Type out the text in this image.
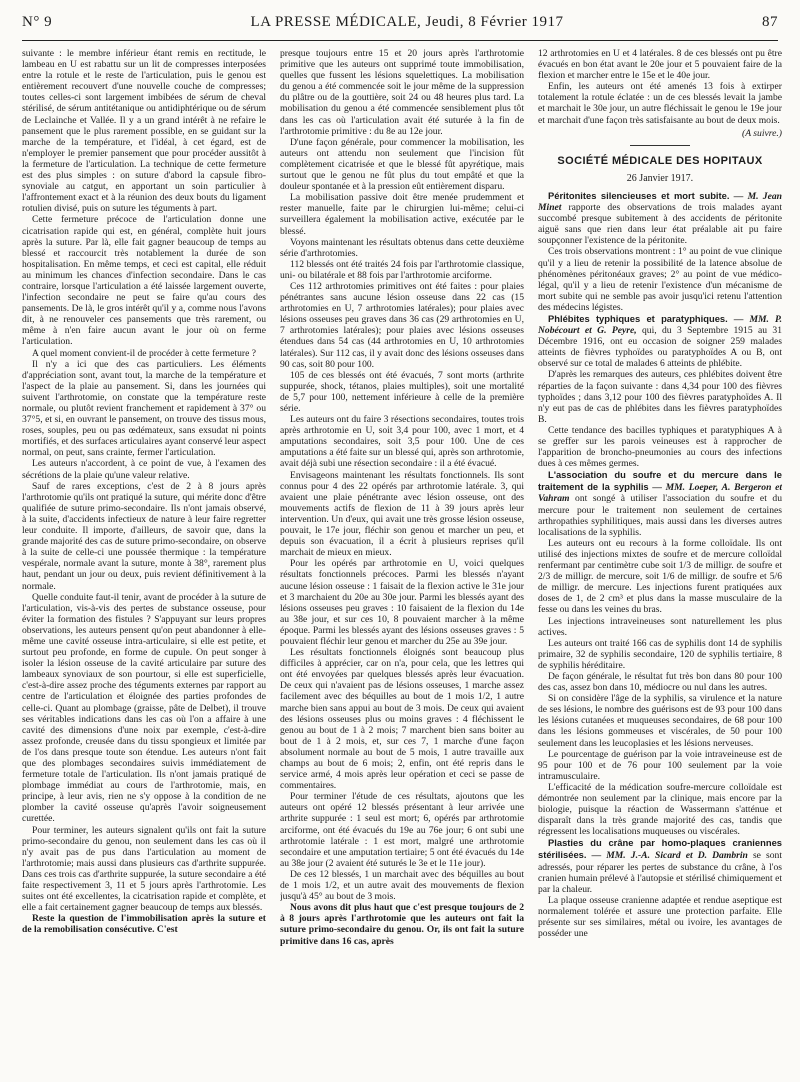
N° 9	LA PRESSE MÉDICALE, Jeudi, 8 Février 1917	87

suivante : le membre inférieur étant remis en rectitude, le lambeau en U est rabattu sur un lit de compresses interposées entre la rotule et le reste de l'articulation, puis le genou est entièrement recouvert d'une nouvelle couche de compresses; toutes celles-ci sont largement imbibées de sérum de cheval stérilisé, de sérum antitétanique ou antidiphtérique ou de sérum de Leclainche et Vallée. Il y a un grand intérêt à ne refaire le pansement que le plus rarement possible, en se guidant sur la marche de la température, et l'idéal, à cet égard, est de n'employer le premier pansement que pour procéder aussitôt à la fermeture de l'articulation. La technique de cette fermeture est des plus simples : on suture d'abord la capsule fibro-synoviale au catgut, en apportant un soin particulier à l'affrontement exact et à la réunion des deux bouts du ligament rotulien divisé, puis on suture les téguments à part.

Cette fermeture précoce de l'articulation donne une cicatrisation rapide qui est, en général, complète huit jours après la suture. Par là, elle fait gagner beaucoup de temps au blessé et raccourcit très notablement la durée de son hospitalisation. En même temps, et ceci est capital, elle réduit au minimum les chances d'infection secondaire. Dans le cas contraire, lorsque l'articulation a été laissée largement ouverte, l'infection secondaire ne peut se faire qu'au cours des pansements. De là, le gros intérêt qu'il y a, comme nous l'avons dit, à ne renouveler ces pansements que très rarement, ou même à n'en faire aucun avant le jour où on ferme l'articulation.

A quel moment convient-il de procéder à cette fermeture ?

Il n'y a ici que des cas particuliers. Les éléments d'appréciation sont, avant tout, la marche de la température et l'aspect de la plaie au pansement. Si, dans les journées qui suivent l'arthrotomie, on constate que la température reste normale, ou plutôt revient franchement et rapidement à 37° ou 37°5, et si, en ouvrant le pansement, on trouve des tissus mous, roses, souples, peu ou pas œdémateux, sans exsudat ni points mortifiés, et des surfaces articulaires ayant conservé leur aspect normal, on peut, sans crainte, fermer l'articulation.

Les auteurs n'accordent, à ce point de vue, à l'examen des sécrétions de la plaie qu'une valeur relative.

Sauf de rares exceptions, c'est de 2 à 8 jours après l'arthrotomie qu'ils ont pratiqué la suture, qui mérite donc d'être qualifiée de suture primo-secondaire. Ils n'ont jamais observé, à la suite, d'accidents infectieux de nature à leur faire regretter leur conduite. Il importe, d'ailleurs, de savoir que, dans la grande majorité des cas de suture primo-secondaire, on observe à la suite de celle-ci une poussée thermique : la température vespérale, normale avant la suture, monte à 38°, rarement plus haut, pendant un jour ou deux, puis revient définitivement à la normale.

Quelle conduite faut-il tenir, avant de procéder à la suture de l'articulation, vis-à-vis des pertes de substance osseuse, pour éviter la formation des fistules ? S'appuyant sur leurs propres observations, les auteurs pensent qu'on peut abandonner à elle-même une cavité osseuse intra-articulaire, si elle est petite, et surtout peu profonde, en forme de cupule. On peut songer à isoler la lésion osseuse de la cavité articulaire par suture des lambeaux synoviaux de son pourtour, si elle est superficielle, c'est-à-dire assez proche des téguments externes par rapport au centre de l'articulation et éloignée des parties profondes de celle-ci. Quant au plombage (graisse, pâte de Delbet), il trouve ses véritables indications dans les cas où l'on a affaire à une cavité des dimensions d'une noix par exemple, c'est-à-dire assez profonde, creusée dans du tissu spongieux et limitée par de l'os dans presque toute son étendue. Les auteurs n'ont fait que des plombages secondaires suivis immédiatement de fermeture totale de l'articulation. Ils n'ont jamais pratiqué de plombage immédiat au cours de l'arthrotomie, mais, en principe, à leur avis, rien ne s'y oppose à la condition de ne plomber la cavité osseuse qu'après l'avoir soigneusement curettée.

Pour terminer, les auteurs signalent qu'ils ont fait la suture primo-secondaire du genou, non seulement dans les cas où il n'y avait pas de pus dans l'articulation au moment de l'arthrotomie; mais aussi dans plusieurs cas d'arthrite suppurée. Dans ces trois cas d'arthrite suppurée, la suture secondaire a été faite respectivement 3, 11 et 5 jours après l'arthrotomie. Les suites ont été excellentes, la cicatrisation rapide et complète, et elle a fait certainement gagner beaucoup de temps aux blessés.

Reste la question de l'immobilisation après la suture et de la remobilisation consécutive. C'est

presque toujours entre 15 et 20 jours après l'arthrotomie primitive que les auteurs ont supprimé toute immobilisation, quelles que fussent les lésions squelettiques. La mobilisation du genou a été commencée soit le jour même de la suppression du plâtre ou de la gouttière, soit 24 ou 48 heures plus tard. La mobilisation du genou a été commencée sensiblement plus tôt dans les cas où l'articulation avait été suturée à la fin de l'arthrotomie primitive : du 8e au 12e jour.

D'une façon générale, pour commencer la mobilisation, les auteurs ont attendu non seulement que l'incision fût complètement cicatrisée et que le blessé fût apyrétique, mais surtout que le genou ne fût plus du tout empâté et que la douleur spontanée et à la pression eût entièrement disparu.

La mobilisation passive doit être menée prudemment et rester manuelle, faite par le chirurgien lui-même; celui-ci surveillera également la mobilisation active, exécutée par le blessé.

Voyons maintenant les résultats obtenus dans cette deuxième série d'arthrotomies.

112 blessés ont été traités 24 fois par l'arthrotomie classique, uni- ou bilatérale et 88 fois par l'arthrotomie arciforme.

Ces 112 arthrotomies primitives ont été faites : pour plaies pénétrantes sans aucune lésion osseuse dans 22 cas (15 arthrotomies en U, 7 arthrotomies latérales); pour plaies avec lésions osseuses peu graves dans 36 cas (29 arthrotomies en U, 7 arthrotomies latérales); pour plaies avec lésions osseuses étendues dans 54 cas (44 arthrotomies en U, 10 arthrotomies latérales). Sur 112 cas, il y avait donc des lésions osseuses dans 90 cas, soit 80 pour 100.

105 de ces blessés ont été évacués, 7 sont morts (arthrite suppurée, shock, tétanos, plaies multiples), soit une mortalité de 5,7 pour 100, nettement inférieure à celle de la première série.

Les auteurs ont du faire 3 résections secondaires, toutes trois après arthrotomie en U, soit 3,4 pour 100, avec 1 mort, et 4 amputations secondaires, soit 3,5 pour 100. Une de ces amputations a été faite sur un blessé qui, après son arthrotomie, avait déjà subi une résection secondaire : il a été évacué.

Envisageons maintenant les résultats fonctionnels. Ils sont connus pour 4 des 22 opérés par arthrotomie latérale. 3, qui avaient une plaie pénétrante avec lésion osseuse, ont des mouvements actifs de flexion de 11 à 39 jours après leur intervention. Un d'eux, qui avait une très grosse lésion osseuse, pouvait, le 17e jour, fléchir son genou et marcher un peu, et depuis son évacuation, il a écrit à plusieurs reprises qu'il marchait de mieux en mieux.

Pour les opérés par arthrotomie en U, voici quelques résultats fonctionnels précoces. Parmi les blessés n'ayant aucune lésion osseuse : 1 faisait de la flexion active le 31e jour et 3 marchaient du 20e au 30e jour. Parmi les blessés ayant des lésions osseuses peu graves : 10 faisaient de la flexion du 14e au 38e jour, et sur ces 10, 8 pouvaient marcher à la même époque. Parmi les blessés ayant des lésions osseuses graves : 5 pouvaient fléchir leur genou et marcher du 25e au 39e jour.

Les résultats fonctionnels éloignés sont beaucoup plus difficiles à apprécier, car on n'a, pour cela, que les lettres qui ont été envoyées par quelques blessés après leur évacuation. De ceux qui n'avaient pas de lésions osseuses, 1 marche assez facilement avec des béquilles au bout de 1 mois 1/2, 1 autre marche bien sans appui au bout de 3 mois. De ceux qui avaient des lésions osseuses plus ou moins graves : 4 fléchissent le genou au bout de 1 à 2 mois; 7 marchent bien sans boiter au bout de 1 à 2 mois, et, sur ces 7, 1 marche d'une façon absolument normale au bout de 5 mois, 1 autre travaille aux champs au bout de 6 mois; 2, enfin, ont été repris dans le service armé, 4 mois après leur opération et ceci se passe de commentaires.

Pour terminer l'étude de ces résultats, ajoutons que les auteurs ont opéré 12 blessés présentant à leur arrivée une arthrite suppurée : 1 seul est mort; 6, opérés par arthrotomie arciforme, ont été évacués du 19e au 76e jour; 6 ont subi une arthrotomie latérale : 1 est mort, malgré une arthrotomie secondaire et une amputation tertiaire; 5 ont été évacués du 14e au 38e jour (2 avaient été suturés le 3e et le 11e jour).

De ces 12 blessés, 1 un marchait avec des béquilles au bout de 1 mois 1/2, et un autre avait des mouvements de flexion jusqu'à 45° au bout de 3 mois.

Nous avons dit plus haut que c'est presque toujours de 2 à 8 jours après l'arthrotomie que les auteurs ont fait la suture primo-secondaire du genou. Or, ils ont fait la suture primitive dans 16 cas, après

12 arthrotomies en U et 4 latérales. 8 de ces blessés ont pu être évacués en bon état avant le 20e jour et 5 pouvaient faire de la flexion et marcher entre le 15e et le 40e jour.

Enfin, les auteurs ont été amenés 13 fois à extirper totalement la rotule éclatée : un de ces blessés levait la jambe et marchait le 30e jour, un autre fléchissait le genou le 19e jour et marchait d'une façon très satisfaisante au bout de deux mois.

(A suivre.)
SOCIÉTÉ MÉDICALE DES HOPITAUX
26 Janvier 1917.

Péritonites silencieuses et mort subite. — M. Jean Minet rapporte des observations de trois malades ayant succombé presque subitement à des accidents de péritonite aiguë sans que rien dans leur état préalable ait pu faire soupçonner l'existence de la péritonite.

Ces trois observations montrent : 1° au point de vue clinique qu'il y a lieu de retenir la possibilité de la latence absolue de phénomènes péritonéaux graves; 2° au point de vue médico-légal, qu'il y a lieu de retenir l'existence d'un mécanisme de mort subite qui ne semble pas avoir jusqu'ici retenu l'attention des médecins légistes.

Phlébites typhiques et paratyphiques. — MM. P. Nobécourt et G. Peyre, qui, du 3 Septembre 1915 au 31 Décembre 1916, ont eu occasion de soigner 259 malades atteints de fièvres typhoïdes ou paratyphoïdes A ou B, ont observé sur ce total de malades 6 atteints de phlébite.

D'après les remarques des auteurs, ces phlébites doivent être réparties de la façon suivante : dans 4,34 pour 100 des fièvres typhoïdes ; dans 3,12 pour 100 des fièvres paratyphoïdes A. Il n'y eut pas de cas de phlébites dans les fièvres paratyphoïdes B.

Cette tendance des bacilles typhiques et paratyphiques A à se greffer sur les parois veineuses est à rapprocher de l'apparition de broncho-pneumonies au cours des infections dues à ces mêmes germes.

L'association du soufre et du mercure dans le traitement de la syphilis — MM. Loeper, A. Bergeron et Vahram ont songé à utiliser l'association du soufre et du mercure pour le traitement non seulement de certaines arthropathies syphilitiques, mais aussi dans les diverses autres localisations de la syphilis.

Les auteurs ont eu recours à la forme colloïdale. Ils ont utilisé des injections mixtes de soufre et de mercure colloïdal renfermant par centimètre cube soit 1/3 de milligr. de soufre et 2/3 de milligr. de mercure, soit 1/6 de milligr. de soufre et 5/6 de milligr. de mercure. Les injections furent pratiquées aux doses de 1, de 2 cm³ et plus dans la masse musculaire de la fesse ou dans les veines du bras.

Les injections intraveineuses sont naturellement les plus actives.

Les auteurs ont traité 166 cas de syphilis dont 14 de syphilis primaire, 32 de syphilis secondaire, 120 de syphilis tertiaire, 8 de syphilis héréditaire.

De façon générale, le résultat fut très bon dans 80 pour 100 des cas, assez bon dans 10, médiocre ou nul dans les autres.

Si on considère l'âge de la syphilis, sa virulence et la nature de ses lésions, le nombre des guérisons est de 93 pour 100 dans les lésions cutanées et muqueuses secondaires, de 68 pour 100 dans les lésions gommeuses et viscérales, de 50 pour 100 seulement dans les leucoplasies et les lésions nerveuses.

Le pourcentage de guérison par la voie intraveineuse est de 95 pour 100 et de 76 pour 100 seulement par la voie intramusculaire.

L'efficacité de la médication soufre-mercure colloïdale est démontrée non seulement par la clinique, mais encore par la biologie, puisque la réaction de Wassermann s'atténue et disparaît dans la très grande majorité des cas, tandis que régressent les localisations muqueuses ou viscérales.

Plasties du crâne par homo-plaques craniennes stérilisées. — MM. J.-A. Sicard et D. Dambrin se sont adressés, pour réparer les pertes de substance du crâne, à l'os cranien humain prélevé à l'autopsie et stérilisé chimiquement et par la chaleur.

La plaque osseuse cranienne adaptée et rendue aseptique est normalement tolérée et assure une protection parfaite. Elle présente sur ses similaires, métal ou ivoire, les avantages de posséder une
